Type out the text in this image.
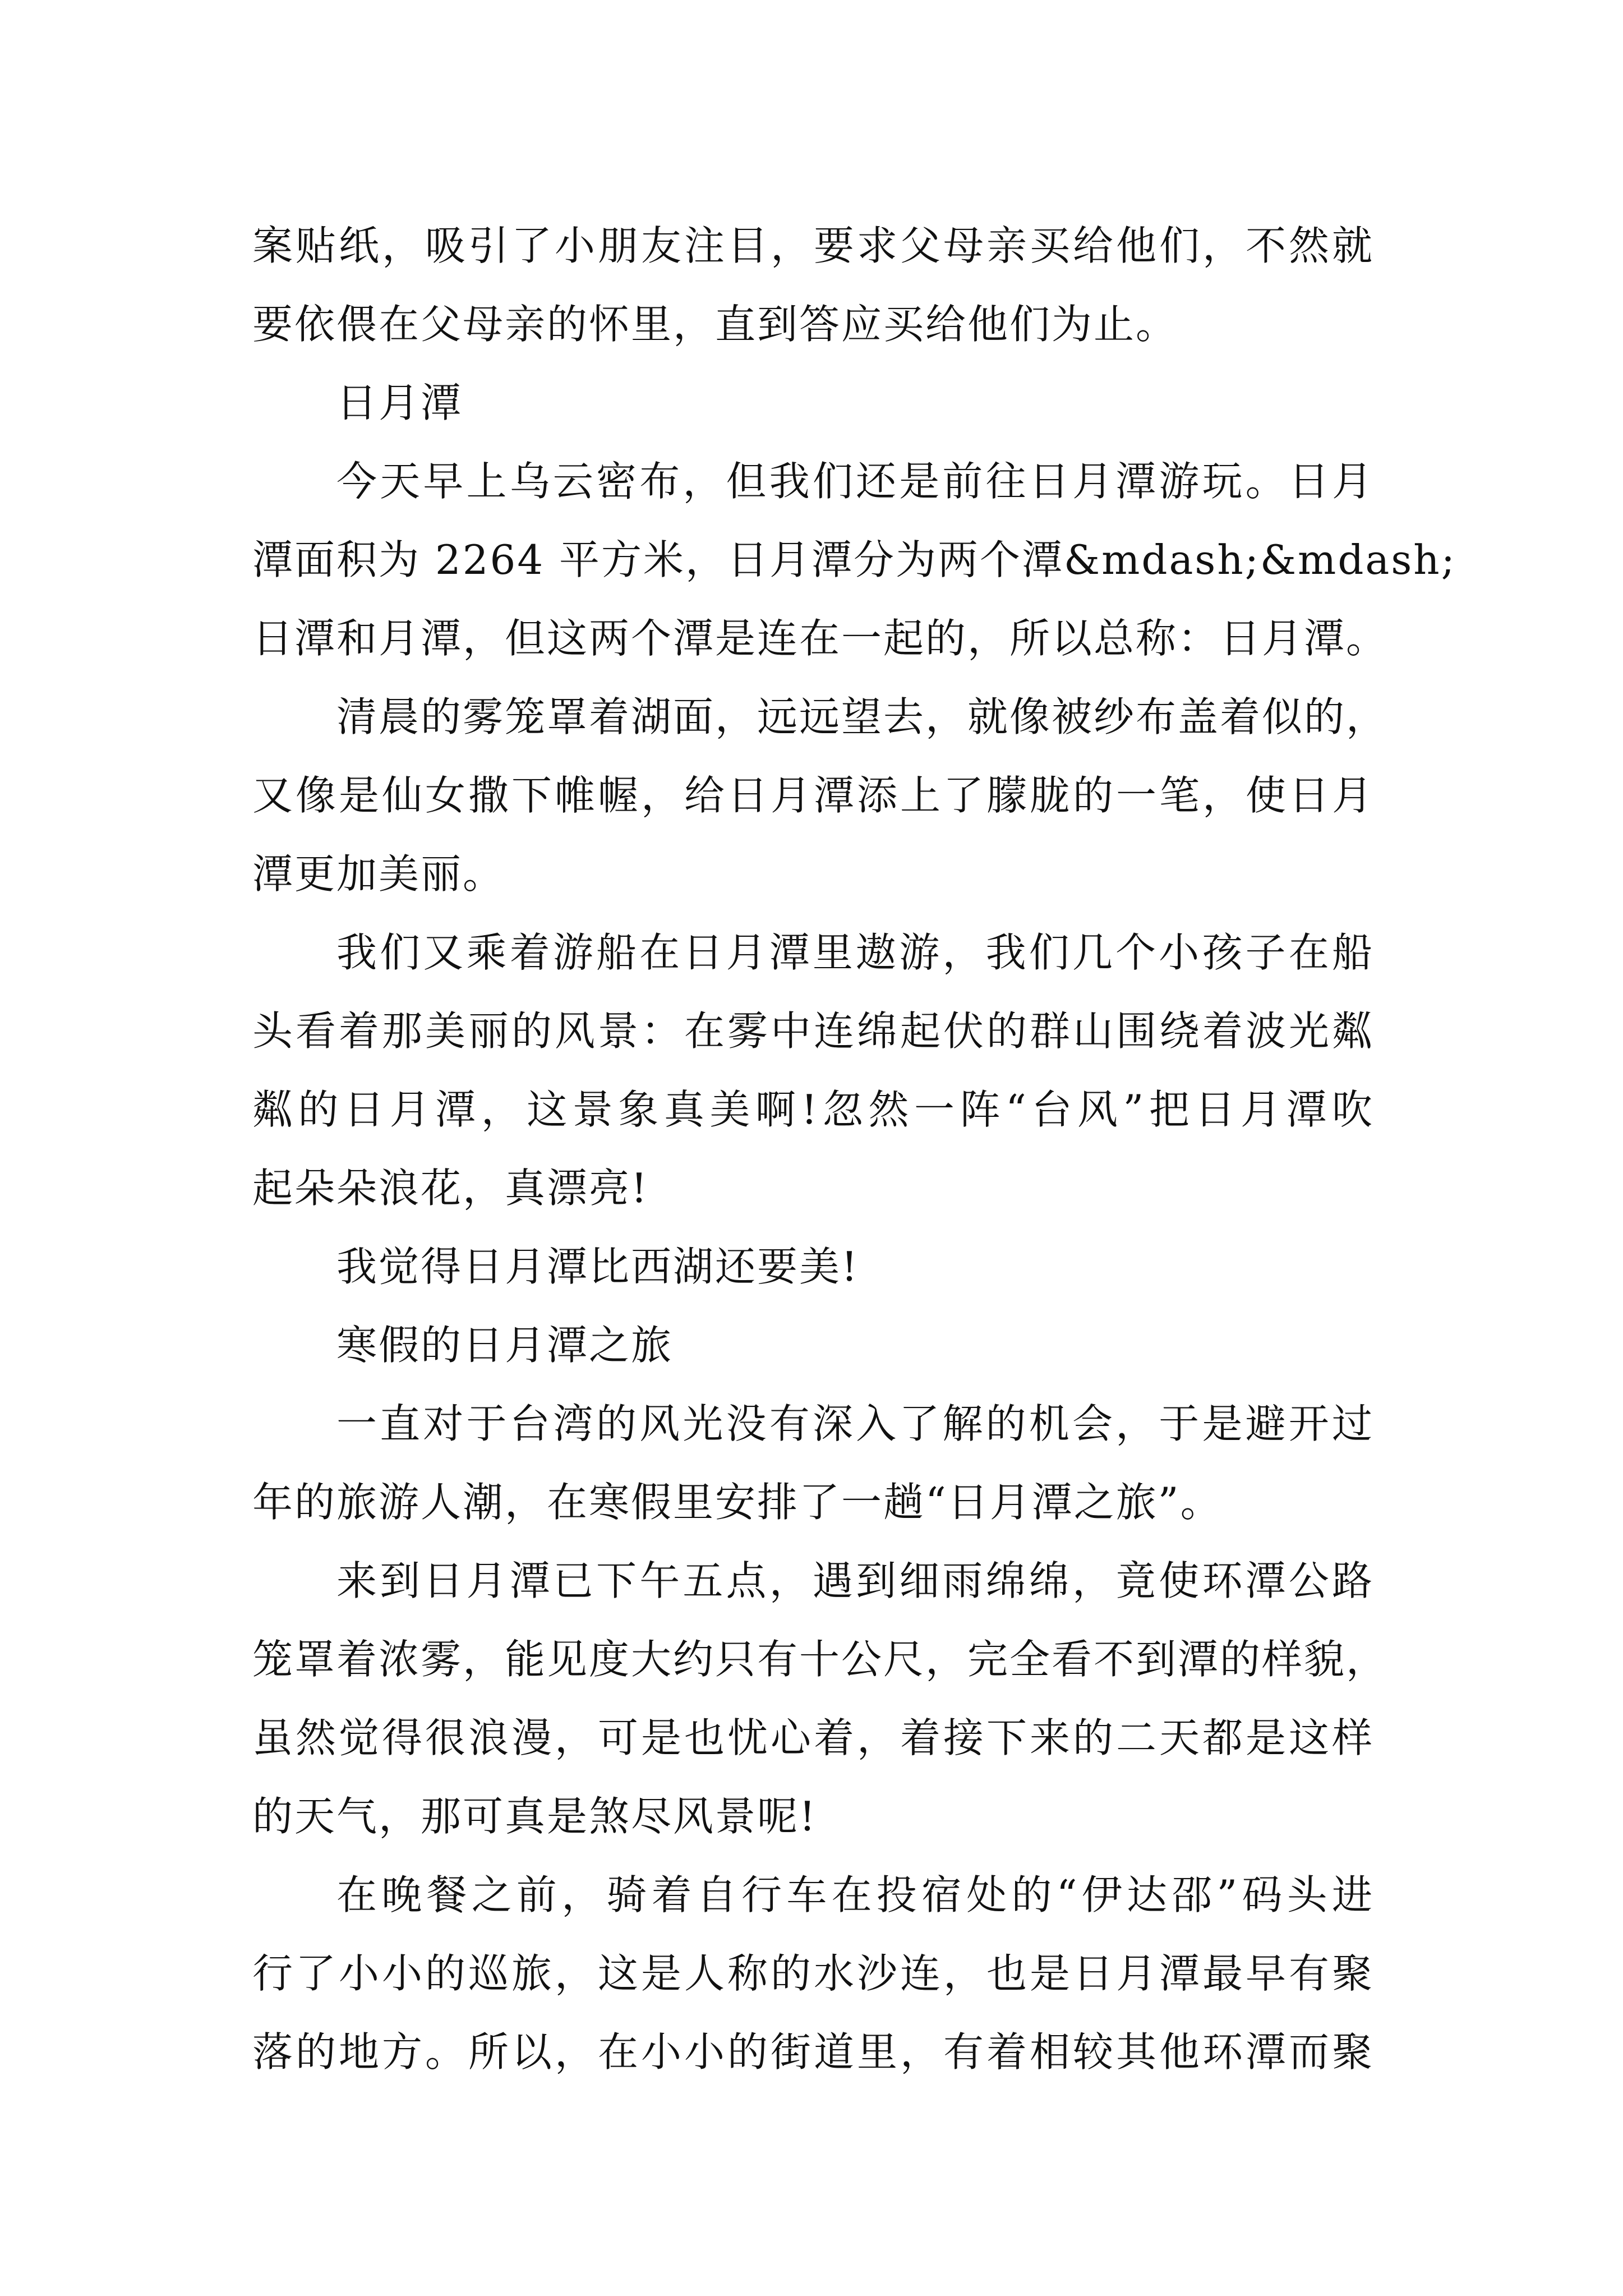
案贴纸，吸引了小朋友注目，要求父母亲买给他们，不然就
要依偎在父母亲的怀里，直到答应买给他们为止。
日月潭
今天早上乌云密布，但我们还是前往日月潭游玩。日月
潭面积为 2264 平方米，日月潭分为两个潭&mdash;&mdash;
日潭和月潭，但这两个潭是连在一起的，所以总称：日月潭。
清晨的雾笼罩着湖面，远远望去，就像被纱布盖着似的，
又像是仙女撒下帷幄，给日月潭添上了朦胧的一笔，使日月
潭更加美丽。
我们又乘着游船在日月潭里遨游，我们几个小孩子在船
头看着那美丽的风景：在雾中连绵起伏的群山围绕着波光粼
粼的日月潭，这景象真美啊!忽然一阵“台风”把日月潭吹
起朵朵浪花，真漂亮!
我觉得日月潭比西湖还要美!
寒假的日月潭之旅
一直对于台湾的风光没有深入了解的机会，于是避开过
年的旅游人潮，在寒假里安排了一趟“日月潭之旅”。
来到日月潭已下午五点，遇到细雨绵绵，竟使环潭公路
笼罩着浓雾，能见度大约只有十公尺，完全看不到潭的样貌，
虽然觉得很浪漫，可是也忧心着，着接下来的二天都是这样
的天气，那可真是煞尽风景呢!
在晚餐之前，骑着自行车在投宿处的“伊达邵”码头进
行了小小的巡旅，这是人称的水沙连，也是日月潭最早有聚
落的地方。所以，在小小的街道里，有着相较其他环潭而聚
